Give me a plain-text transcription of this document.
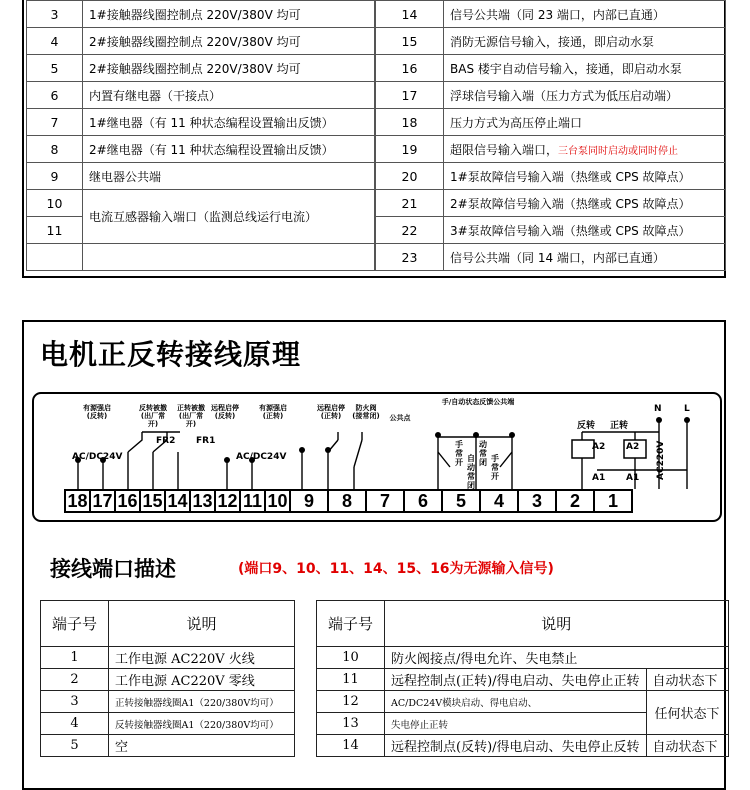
3	1#接触器线圈控制点 220V/380V 均可		14	信号公共端（同 23 端口，内部已直通）
4	2#接触器线圈控制点 220V/380V 均可		15	消防无源信号输入，接通，即启动水泵
5	2#接触器线圈控制点 220V/380V 均可		16	BAS 楼宇自动信号输入，接通，即启动水泵
6	内置有继电器（干接点）		17	浮球信号输入端（压力方式为低压启动端）
7	1#继电器（有 11 种状态编程设置输出反馈）		18	压力方式为高压停止端口
8	2#继电器（有 11 种状态编程设置输出反馈）		19	超限信号输入端口，三台泵同时启动或同时停止
9	继电器公共端		20	1#泵故障信号输入端（热继或 CPS 故障点）
10	电流互感器输入端口（监测总线运行电流）		21	2#泵故障信号输入端（热继或 CPS 故障点）
11		22	3#泵故障信号输入端（热继或 CPS 故障点）
			23	信号公共端（同 14 端口，内部已直通）
电机正反转接线原理
有源强启(反转)
反转被撤(出厂常开)
正转被撤(出厂常开)
远程启停(反转)
有源强启(正转)
远程启停(正转)
防火阀(接常闭)	公共点
手/自动状态反馈公共端
反转 正转
N L
AC/DC24V	AC/DC24V
FR2 FR1
A2 A2
A1 A1
手常开
动常闭
自动常闭
手常开	AC220V
18 17 16 15 14 13 12 11 10 9	8	7	6	5	4	3	2	1
接线端口描述	(端口9、10、11、14、15、16为无源输入信号)
端子号	说明
1	工作电源 AC220V 火线
2	工作电源 AC220V 零线
3	正转接触器线圈A1（220/380V均可）
4	反转接触器线圈A1（220/380V均可）
5	空
端子号	说明	
10	防火阀接点/得电允许、失电禁止	
11	远程控制点(正转)/得电启动、失电停止正转	自动状态下
12	AC/DC24V模块启动、得电启动、	任何状态下
13	失电停止正转	
14	远程控制点(反转)/得电启动、失电停止反转	自动状态下
